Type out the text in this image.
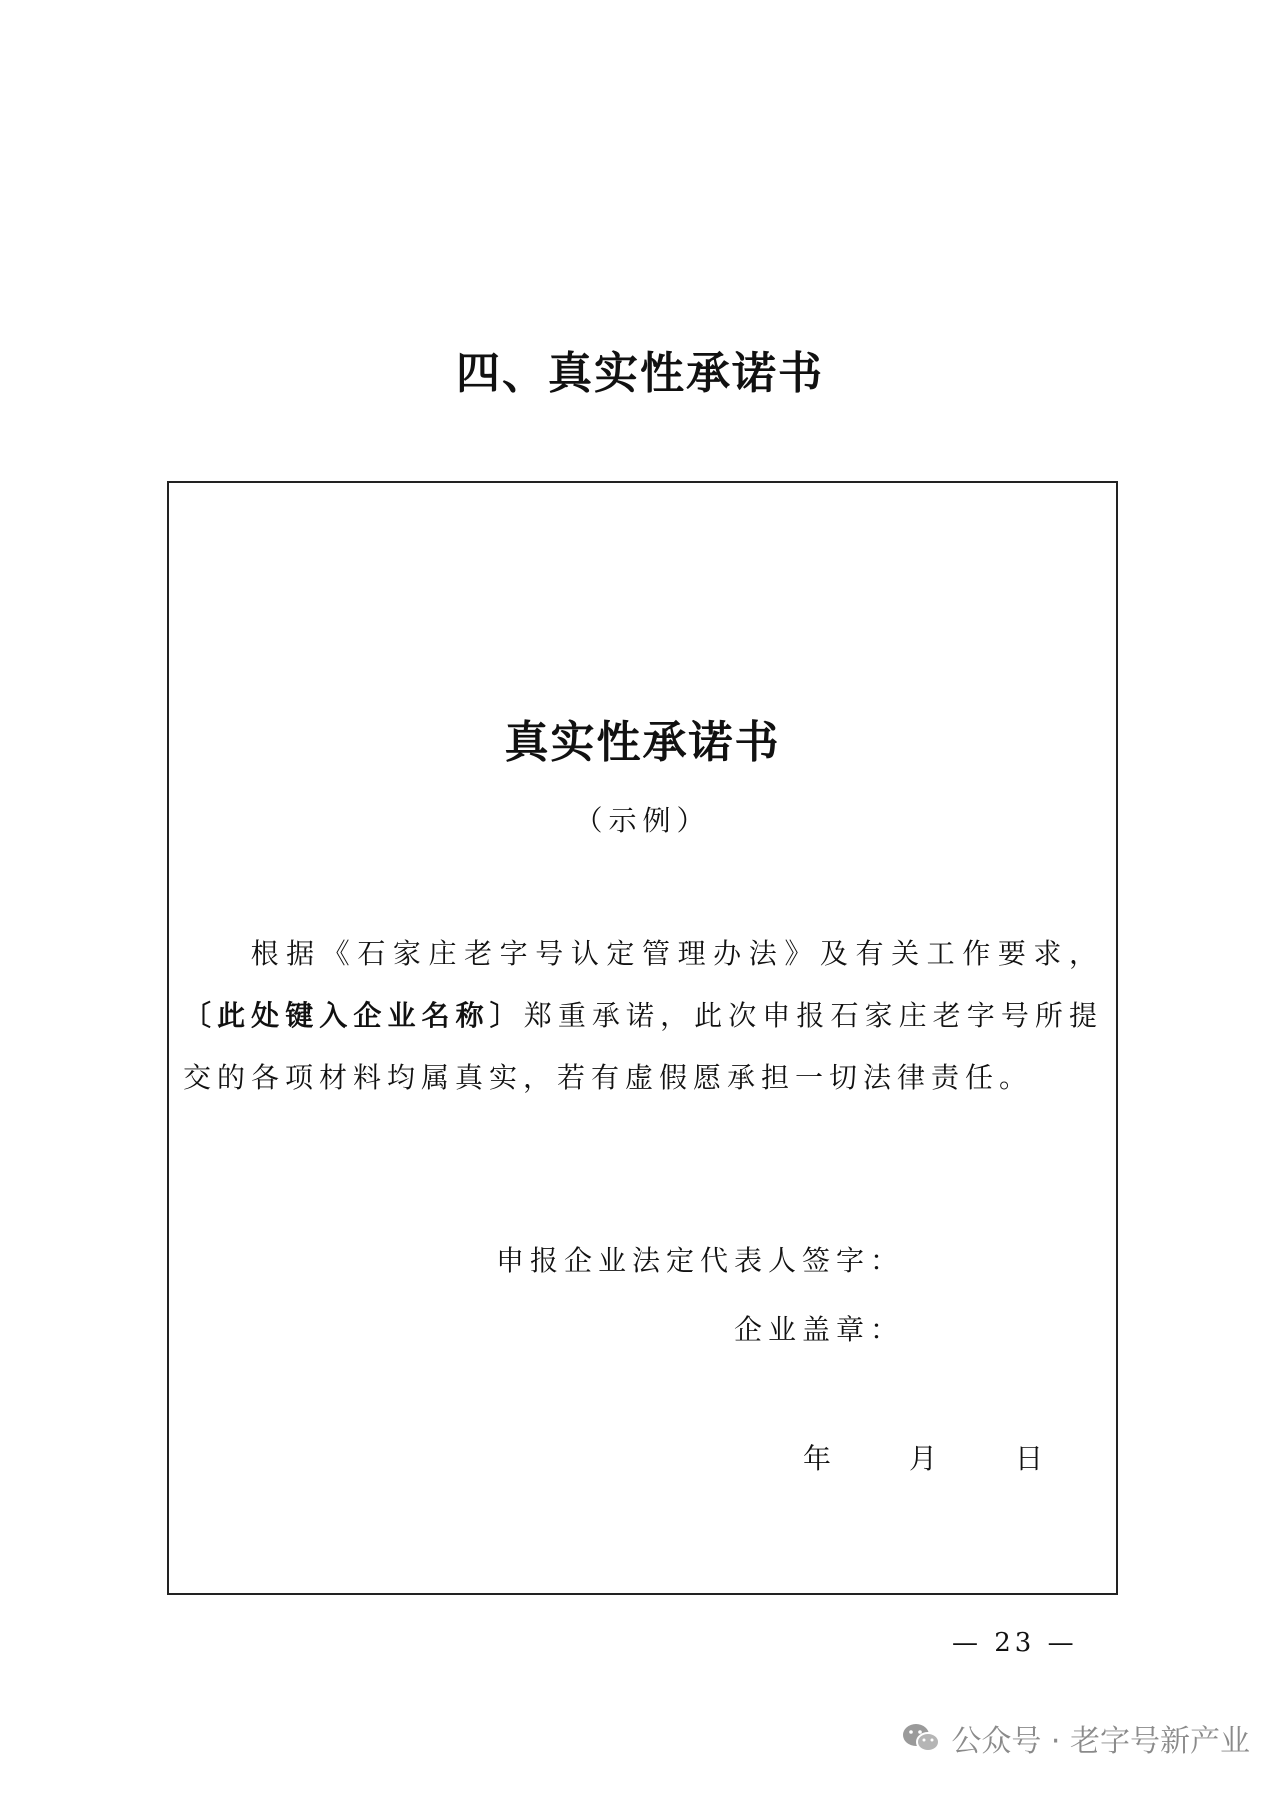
四、真实性承诺书
真实性承诺书
（示例）
根据《石家庄老字号认定管理办法》及有关工作要求，〔此处键入企业名称〕郑重承诺，此次申报石家庄老字号所提交的各项材料均属真实，若有虚假愿承担一切法律责任。
申报企业法定代表人签字：
企业盖章：
年	月	日
— 23 —
公众号 · 老字号新产业
